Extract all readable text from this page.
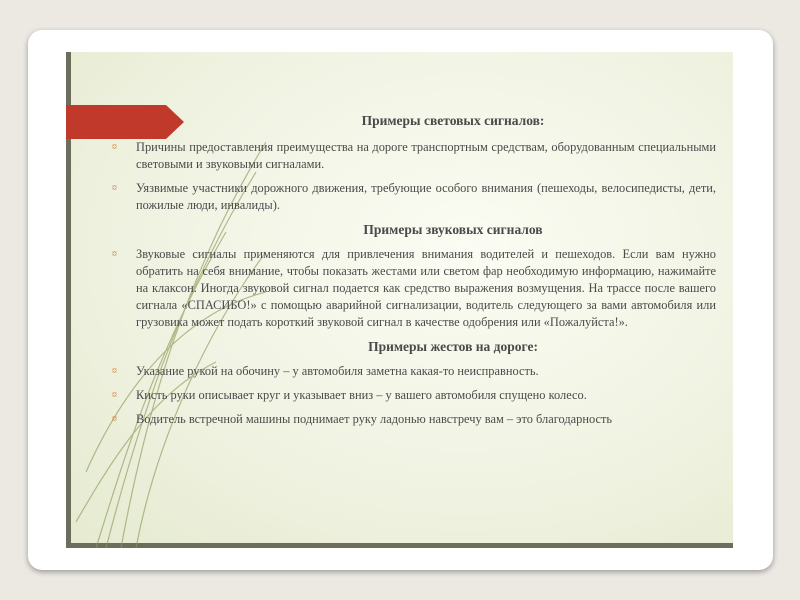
Примеры световых сигналов:
¤ Причины предоставления преимущества на дороге транспортным средствам, оборудованным специальными световыми и звуковыми сигналами.
¤ Уязвимые участники дорожного движения, требующие особого внимания (пешеходы, велосипедисты, дети, пожилые люди, инвалиды).
Примеры звуковых сигналов
¤ Звуковые сигналы применяются для привлечения внимания водителей и пешеходов. Если вам нужно обратить на себя внимание, чтобы показать жестами или светом фар необходимую информацию, нажимайте на клаксон. Иногда звуковой сигнал подается как средство выражения возмущения. На трассе после вашего сигнала «СПАСИБО!» с помощью аварийной сигнализации, водитель следующего за вами автомобиля или грузовика может подать короткий звуковой сигнал в качестве одобрения или «Пожалуйста!».
Примеры жестов на дороге:
¤ Указание рукой на обочину – у автомобиля заметна какая-то неисправность.
¤ Кисть руки описывает круг и указывает вниз – у вашего автомобиля спущено колесо.
¤ Водитель встречной машины поднимает руку ладонью навстречу вам – это благодарность
